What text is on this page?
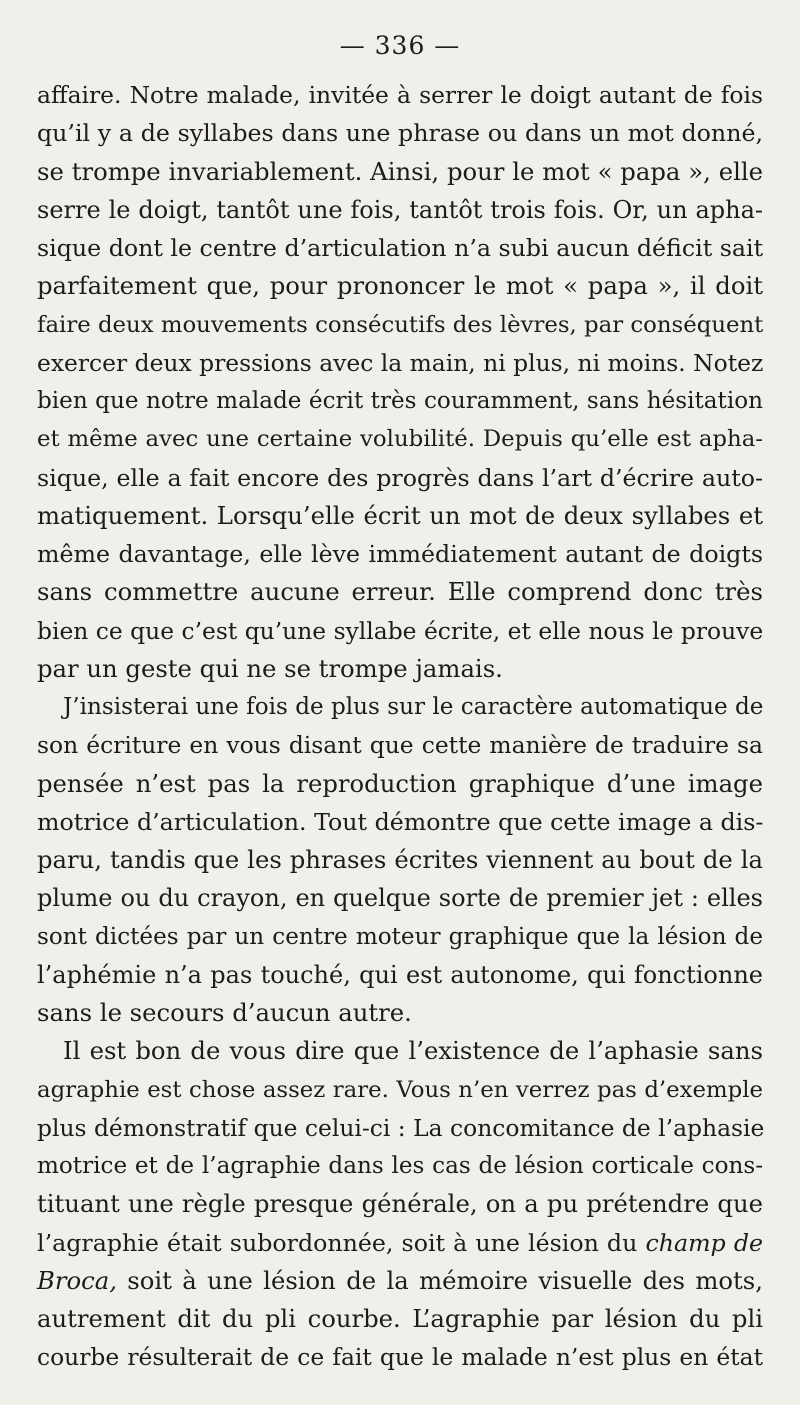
— 336 —
affaire. Notre malade, invitée à serrer le doigt autant de fois
qu’il y a de syllabes dans une phrase ou dans un mot donné,
se trompe invariablement. Ainsi, pour le mot « papa », elle
serre le doigt, tantôt une fois, tantôt trois fois. Or, un apha-
sique dont le centre d’articulation n’a subi aucun déficit sait
parfaitement que, pour prononcer le mot « papa », il doit
faire deux mouvements consécutifs des lèvres, par conséquent
exercer deux pressions avec la main, ni plus, ni moins. Notez
bien que notre malade écrit très couramment, sans hésitation
et même avec une certaine volubilité. Depuis qu’elle est apha-
sique, elle a fait encore des progrès dans l’art d’écrire auto-
matiquement. Lorsqu’elle écrit un mot de deux syllabes et
même davantage, elle lève immédiatement autant de doigts
sans commettre aucune erreur. Elle comprend donc très
bien ce que c’est qu’une syllabe écrite, et elle nous le prouve
par un geste qui ne se trompe jamais.
J’insisterai une fois de plus sur le caractère automatique de
son écriture en vous disant que cette manière de traduire sa
pensée n’est pas la reproduction graphique d’une image
motrice d’articulation. Tout démontre que cette image a dis-
paru, tandis que les phrases écrites viennent au bout de la
plume ou du crayon, en quelque sorte de premier jet : elles
sont dictées par un centre moteur graphique que la lésion de
l’aphémie n’a pas touché, qui est autonome, qui fonctionne
sans le secours d’aucun autre.
Il est bon de vous dire que l’existence de l’aphasie sans
agraphie est chose assez rare. Vous n’en verrez pas d’exemple
plus démonstratif que celui-ci : La concomitance de l’aphasie
motrice et de l’agraphie dans les cas de lésion corticale cons-
tituant une règle presque générale, on a pu prétendre que
l’agraphie était subordonnée, soit à une lésion du champ de
Broca, soit à une lésion de la mémoire visuelle des mots,
autrement dit du pli courbe. L’agraphie par lésion du pli
courbe résulterait de ce fait que le malade n’est plus en état
